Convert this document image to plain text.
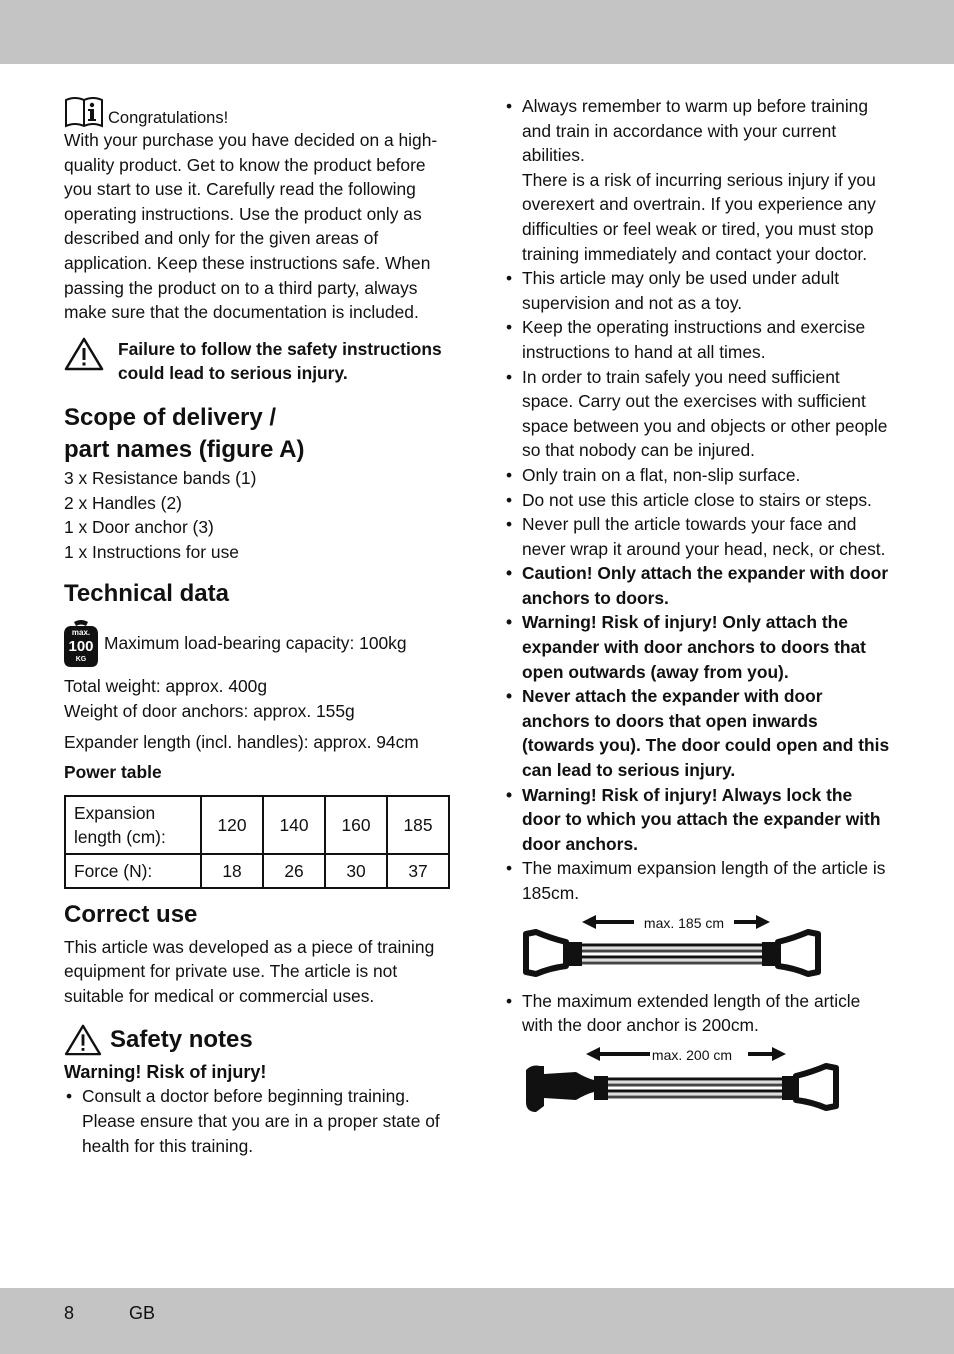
Congratulations!

With your purchase you have decided on a high-quality product. Get to know the product before you start to use it. Carefully read the following operating instructions. Use the product only as described and only for the given areas of application. Keep these instructions safe. When passing the product on to a third party, always make sure that the documentation is included.

Failure to follow the safety instructions could lead to serious injury.
Scope of delivery /
part names (figure A)

3 x Resistance bands (1)

2 x Handles (2)

1 x Door anchor (3)

1 x Instructions for use

Technical data
max.
100
KG

Maximum load-bearing capacity: 100kg

Total weight: approx. 400g

Weight of door anchors: approx. 155g

Expander length (incl. handles): approx. 94cm

Power table

Expansion length (cm):	120	140	160	185
Force (N):	18	26	30	37
Correct use

This article was developed as a piece of training equipment for private use. The article is not suitable for medical or commercial uses.

Safety notes
Warning! Risk of injury!
• Consult a doctor before beginning training. Please ensure that you are in a proper state of health for this training.
• Always remember to warm up before training and train in accordance with your current abilities.
There is a risk of incurring serious injury if you overexert and overtrain. If you experience any difficulties or feel weak or tired, you must stop training immediately and contact your doctor.
• This article may only be used under adult supervision and not as a toy.
• Keep the operating instructions and exercise instructions to hand at all times.
• In order to train safely you need sufficient space. Carry out the exercises with sufficient space between you and objects or other people so that nobody can be injured.
• Only train on a flat, non-slip surface.
• Do not use this article close to stairs or steps.
• Never pull the article towards your face and never wrap it around your head, neck, or chest.
• Caution! Only attach the expander with door anchors to doors.
• Warning! Risk of injury! Only attach the expander with door anchors to doors that open outwards (away from you).
• Never attach the expander with door anchors to doors that open inwards (towards you). The door could open and this can lead to serious injury.
• Warning! Risk of injury! Always lock the door to which you attach the expander with door anchors.
• The maximum expansion length of the article is 185cm.
max. 185 cm
• The maximum extended length of the article with the door anchor is 200cm.
max. 200 cm
8	GB
